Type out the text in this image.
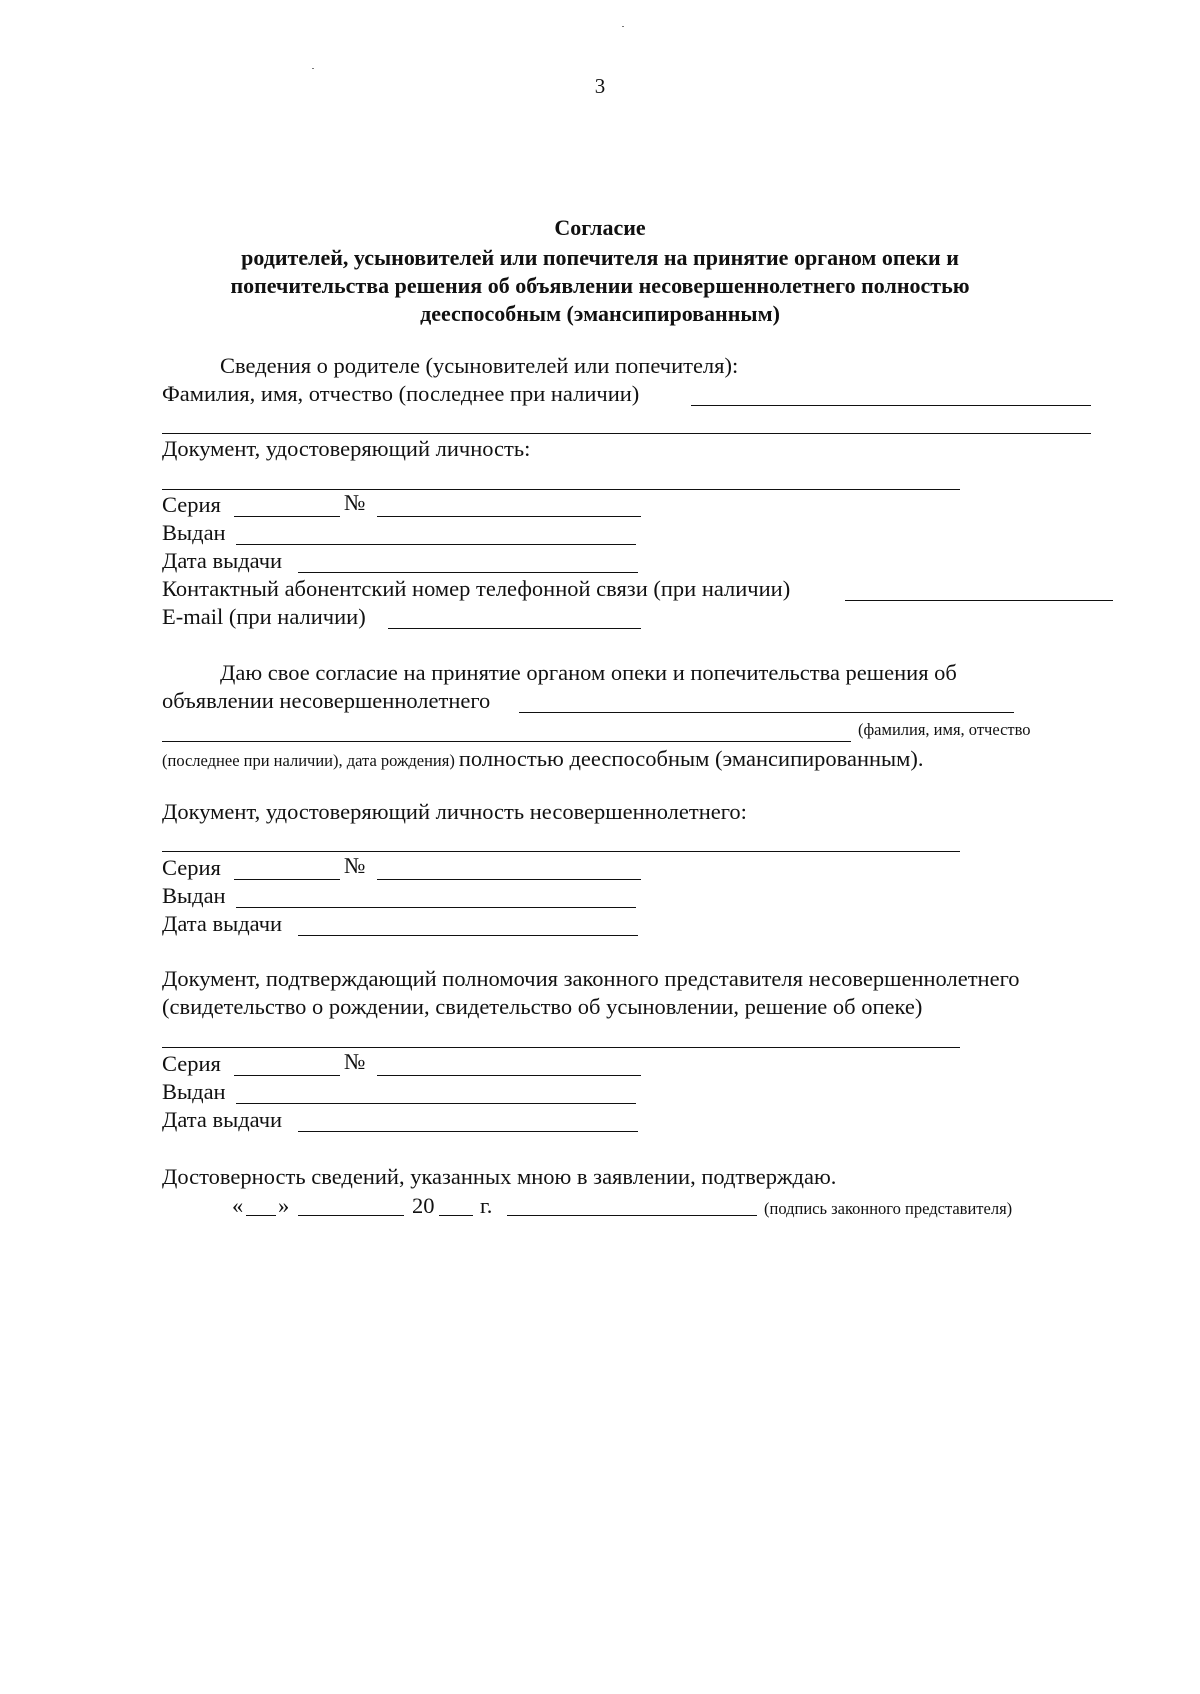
3
Согласие
родителей, усыновителей или попечителя на принятие органом опеки и
попечительства решения об объявлении несовершеннолетнего полностью
дееспособным (эмансипированным)
Сведения о родителе (усыновителей или попечителя):
Фамилия, имя, отчество (последнее при наличии)
Документ, удостоверяющий личность:
Серия	№
Выдан
Дата выдачи
Контактный абонентский номер телефонной связи (при наличии)
E-mail (при наличии)
Даю свое согласие на принятие органом опеки и попечительства решения об
объявлении несовершеннолетнего
(фамилия, имя, отчество
(последнее при наличии), дата рождения) полностью дееспособным (эмансипированным).
Документ, удостоверяющий личность несовершеннолетнего:
Серия	№
Выдан
Дата выдачи
Документ, подтверждающий полномочия законного представителя несовершеннолетнего
(свидетельство о рождении, свидетельство об усыновлении, решение об опеке)
Серия	№
Выдан
Дата выдачи
Достоверность сведений, указанных мною в заявлении, подтверждаю.
« »	20 г.	(подпись законного представителя)
